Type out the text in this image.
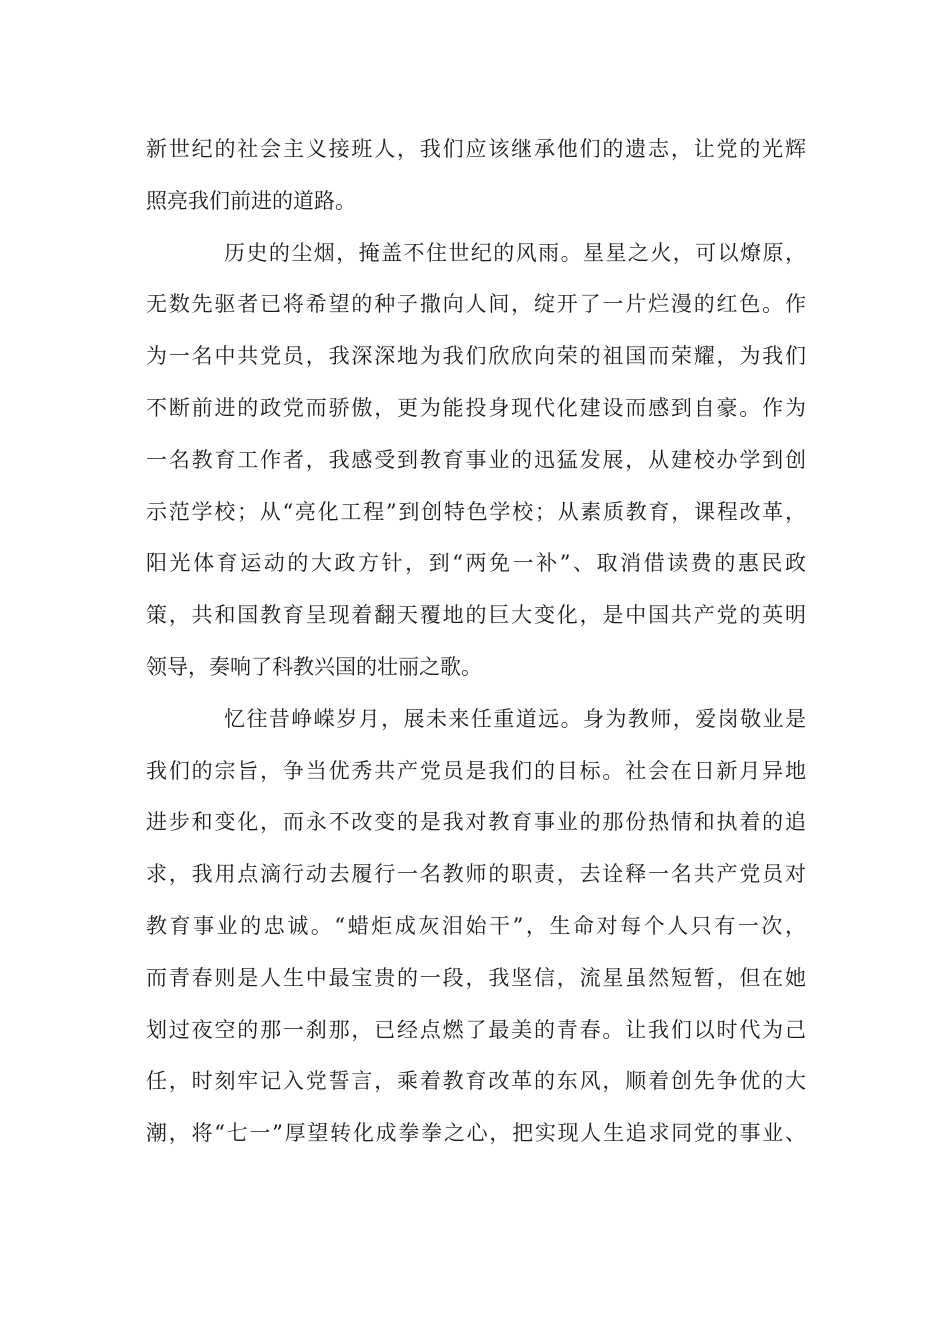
新世纪的社会主义接班人，我们应该继承他们的遗志，让党的光辉
照亮我们前进的道路。
历史的尘烟，掩盖不住世纪的风雨。星星之火，可以燎原，
无数先驱者已将希望的种子撒向人间，绽开了一片烂漫的红色。作
为一名中共党员，我深深地为我们欣欣向荣的祖国而荣耀，为我们
不断前进的政党而骄傲，更为能投身现代化建设而感到自豪。作为
一名教育工作者，我感受到教育事业的迅猛发展，从建校办学到创
示范学校；从“亮化工程”到创特色学校；从素质教育，课程改革，
阳光体育运动的大政方针，到“两免一补”、取消借读费的惠民政
策，共和国教育呈现着翻天覆地的巨大变化，是中国共产党的英明
领导，奏响了科教兴国的壮丽之歌。
忆往昔峥嵘岁月，展未来任重道远。身为教师，爱岗敬业是
我们的宗旨，争当优秀共产党员是我们的目标。社会在日新月异地
进步和变化，而永不改变的是我对教育事业的那份热情和执着的追
求，我用点滴行动去履行一名教师的职责，去诠释一名共产党员对
教育事业的忠诚。“蜡炬成灰泪始干”，生命对每个人只有一次，
而青春则是人生中最宝贵的一段，我坚信，流星虽然短暂，但在她
划过夜空的那一刹那，已经点燃了最美的青春。让我们以时代为己
任，时刻牢记入党誓言，乘着教育改革的东风，顺着创先争优的大
潮，将“七一”厚望转化成拳拳之心，把实现人生追求同党的事业、
